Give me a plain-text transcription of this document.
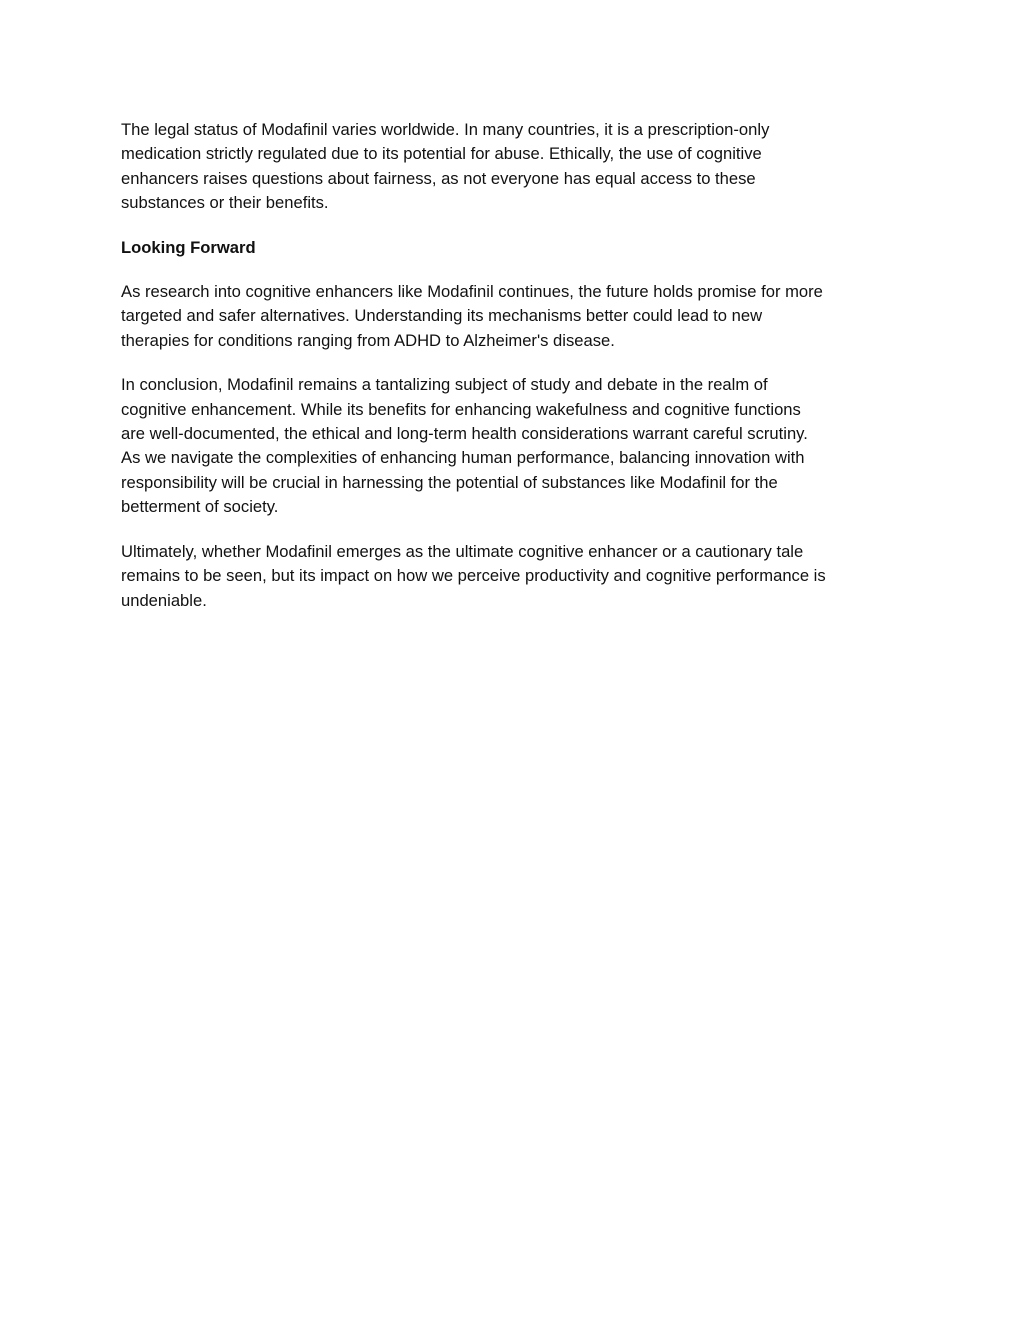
The legal status of Modafinil varies worldwide. In many countries, it is a prescription-only
medication strictly regulated due to its potential for abuse. Ethically, the use of cognitive
enhancers raises questions about fairness, as not everyone has equal access to these
substances or their benefits.

Looking Forward

As research into cognitive enhancers like Modafinil continues, the future holds promise for more
targeted and safer alternatives. Understanding its mechanisms better could lead to new
therapies for conditions ranging from ADHD to Alzheimer's disease.

In conclusion, Modafinil remains a tantalizing subject of study and debate in the realm of
cognitive enhancement. While its benefits for enhancing wakefulness and cognitive functions
are well-documented, the ethical and long-term health considerations warrant careful scrutiny.
As we navigate the complexities of enhancing human performance, balancing innovation with
responsibility will be crucial in harnessing the potential of substances like Modafinil for the
betterment of society.

Ultimately, whether Modafinil emerges as the ultimate cognitive enhancer or a cautionary tale
remains to be seen, but its impact on how we perceive productivity and cognitive performance is
undeniable.
